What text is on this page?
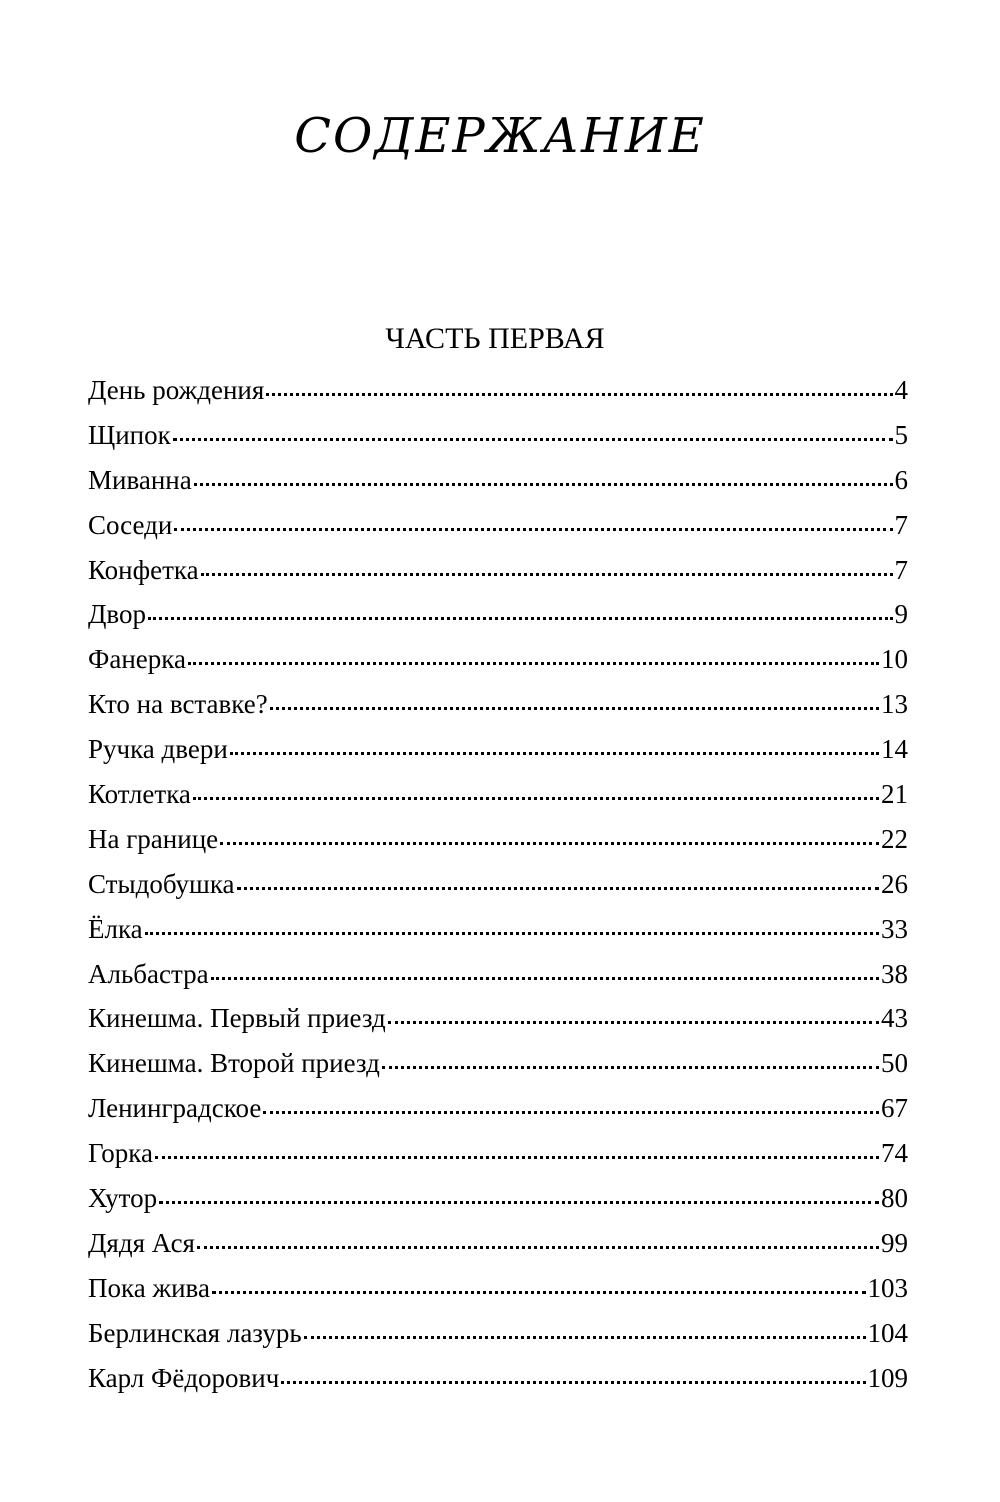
СОДЕРЖАНИЕ
ЧАСТЬ ПЕРВАЯ
День рождения	4
Щипок	5
Миванна	6
Соседи	7
Конфетка	7
Двор	9
Фанерка	10
Кто на вставке?	13
Ручка двери	14
Котлетка	21
На границе	22
Стыдобушка	26
Ёлка	33
Альбастра	38
Кинешма. Первый приезд	43
Кинешма. Второй приезд	50
Ленинградское	67
Горка	74
Хутор	80
Дядя Ася	99
Пока жива	103
Берлинская лазурь	104
Карл Фёдорович	109
